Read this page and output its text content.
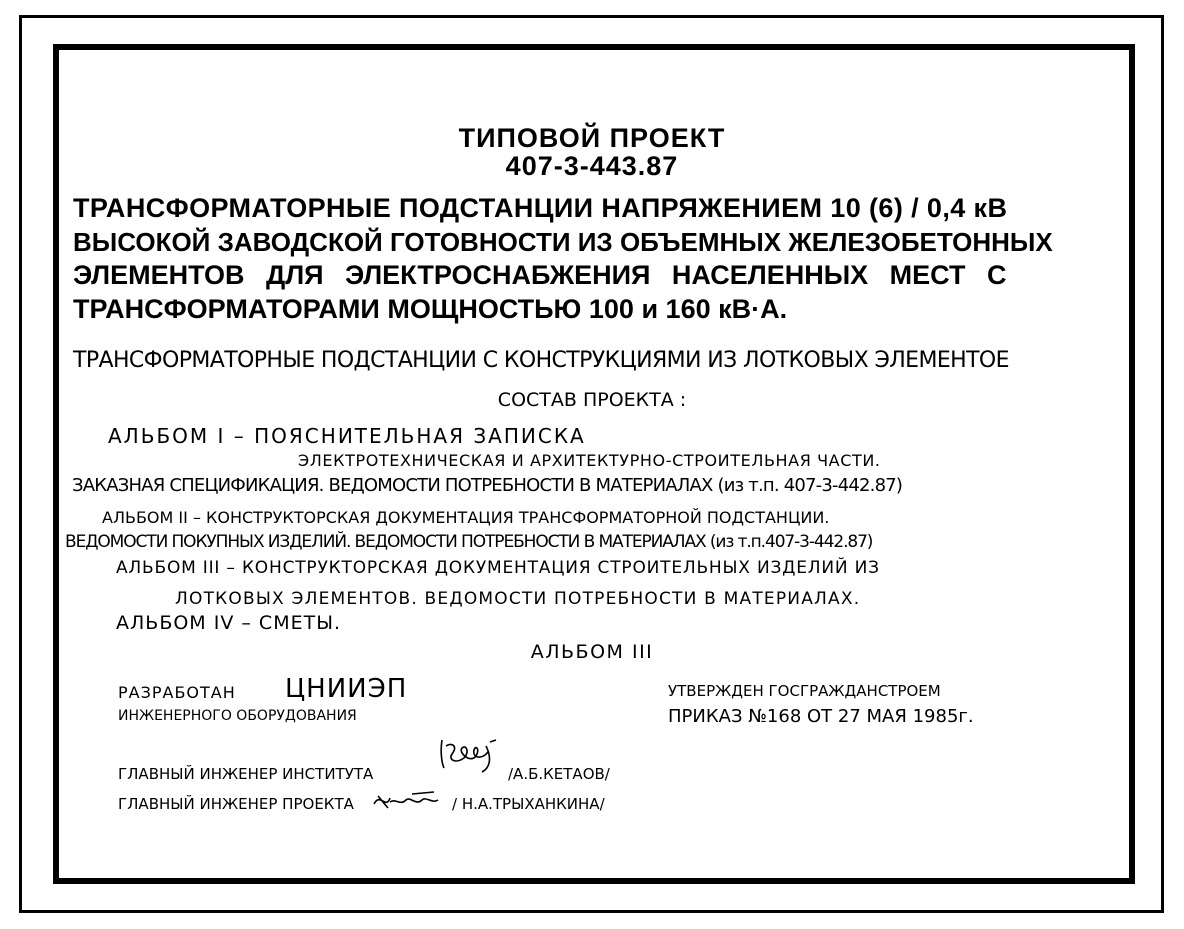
ТИПОВОЙ ПРОЕКТ
407-3-443.87
ТРАНСФОРМАТОРНЫЕ ПОДСТАНЦИИ НАПРЯЖЕНИЕМ 10 (6) / 0,4 кВ
ВЫСОКОЙ ЗАВОДСКОЙ ГОТОВНОСТИ ИЗ ОБЪЕМНЫХ ЖЕЛЕЗОБЕТОННЫХ
ЭЛЕМЕНТОВ ДЛЯ ЭЛЕКТРОСНАБЖЕНИЯ НАСЕЛЕННЫХ МЕСТ С
ТРАНСФОРМАТОРАМИ МОЩНОСТЬЮ 100 и 160 кВ·А.
ТРАНСФОРМАТОРНЫЕ ПОДСТАНЦИИ С КОНСТРУКЦИЯМИ ИЗ ЛОТКОВЫХ ЭЛЕМЕНТОЕ
СОСТАВ ПРОЕКТА :
АЛЬБОМ I – ПОЯСНИТЕЛЬНАЯ ЗАПИСКА
ЭЛЕКТРОТЕХНИЧЕСКАЯ И АРХИТЕКТУРНО-СТРОИТЕЛЬНАЯ ЧАСТИ.
ЗАКАЗНАЯ СПЕЦИФИКАЦИЯ. ВЕДОМОСТИ ПОТРЕБНОСТИ В МАТЕРИАЛАХ (из т.п. 407-3-442.87)
АЛЬБОМ II – КОНСТРУКТОРСКАЯ ДОКУМЕНТАЦИЯ ТРАНСФОРМАТОРНОЙ ПОДСТАНЦИИ.
ВЕДОМОСТИ ПОКУПНЫХ ИЗДЕЛИЙ. ВЕДОМОСТИ ПОТРЕБНОСТИ В МАТЕРИАЛАХ (из т.п.407-3-442.87)
АЛЬБОМ III – КОНСТРУКТОРСКАЯ ДОКУМЕНТАЦИЯ СТРОИТЕЛЬНЫХ ИЗДЕЛИЙ ИЗ
ЛОТКОВЫХ ЭЛЕМЕНТОВ. ВЕДОМОСТИ ПОТРЕБНОСТИ В МАТЕРИАЛАХ.
АЛЬБОМ IV – СМЕТЫ.
АЛЬБОМ III
РАЗРАБОТАН ЦНИИЭП
ИНЖЕНЕРНОГО ОБОРУДОВАНИЯ
УТВЕРЖДЕН ГОСГРАЖДАНСТРОЕМ
ПРИКАЗ №168 ОТ 27 МАЯ 1985г.
ГЛАВНЫЙ ИНЖЕНЕР ИНСТИТУТА	/А.Б.КЕТАОВ/
ГЛАВНЫЙ ИНЖЕНЕР ПРОЕКТА	/ Н.А.ТРЫХАНКИНА/
